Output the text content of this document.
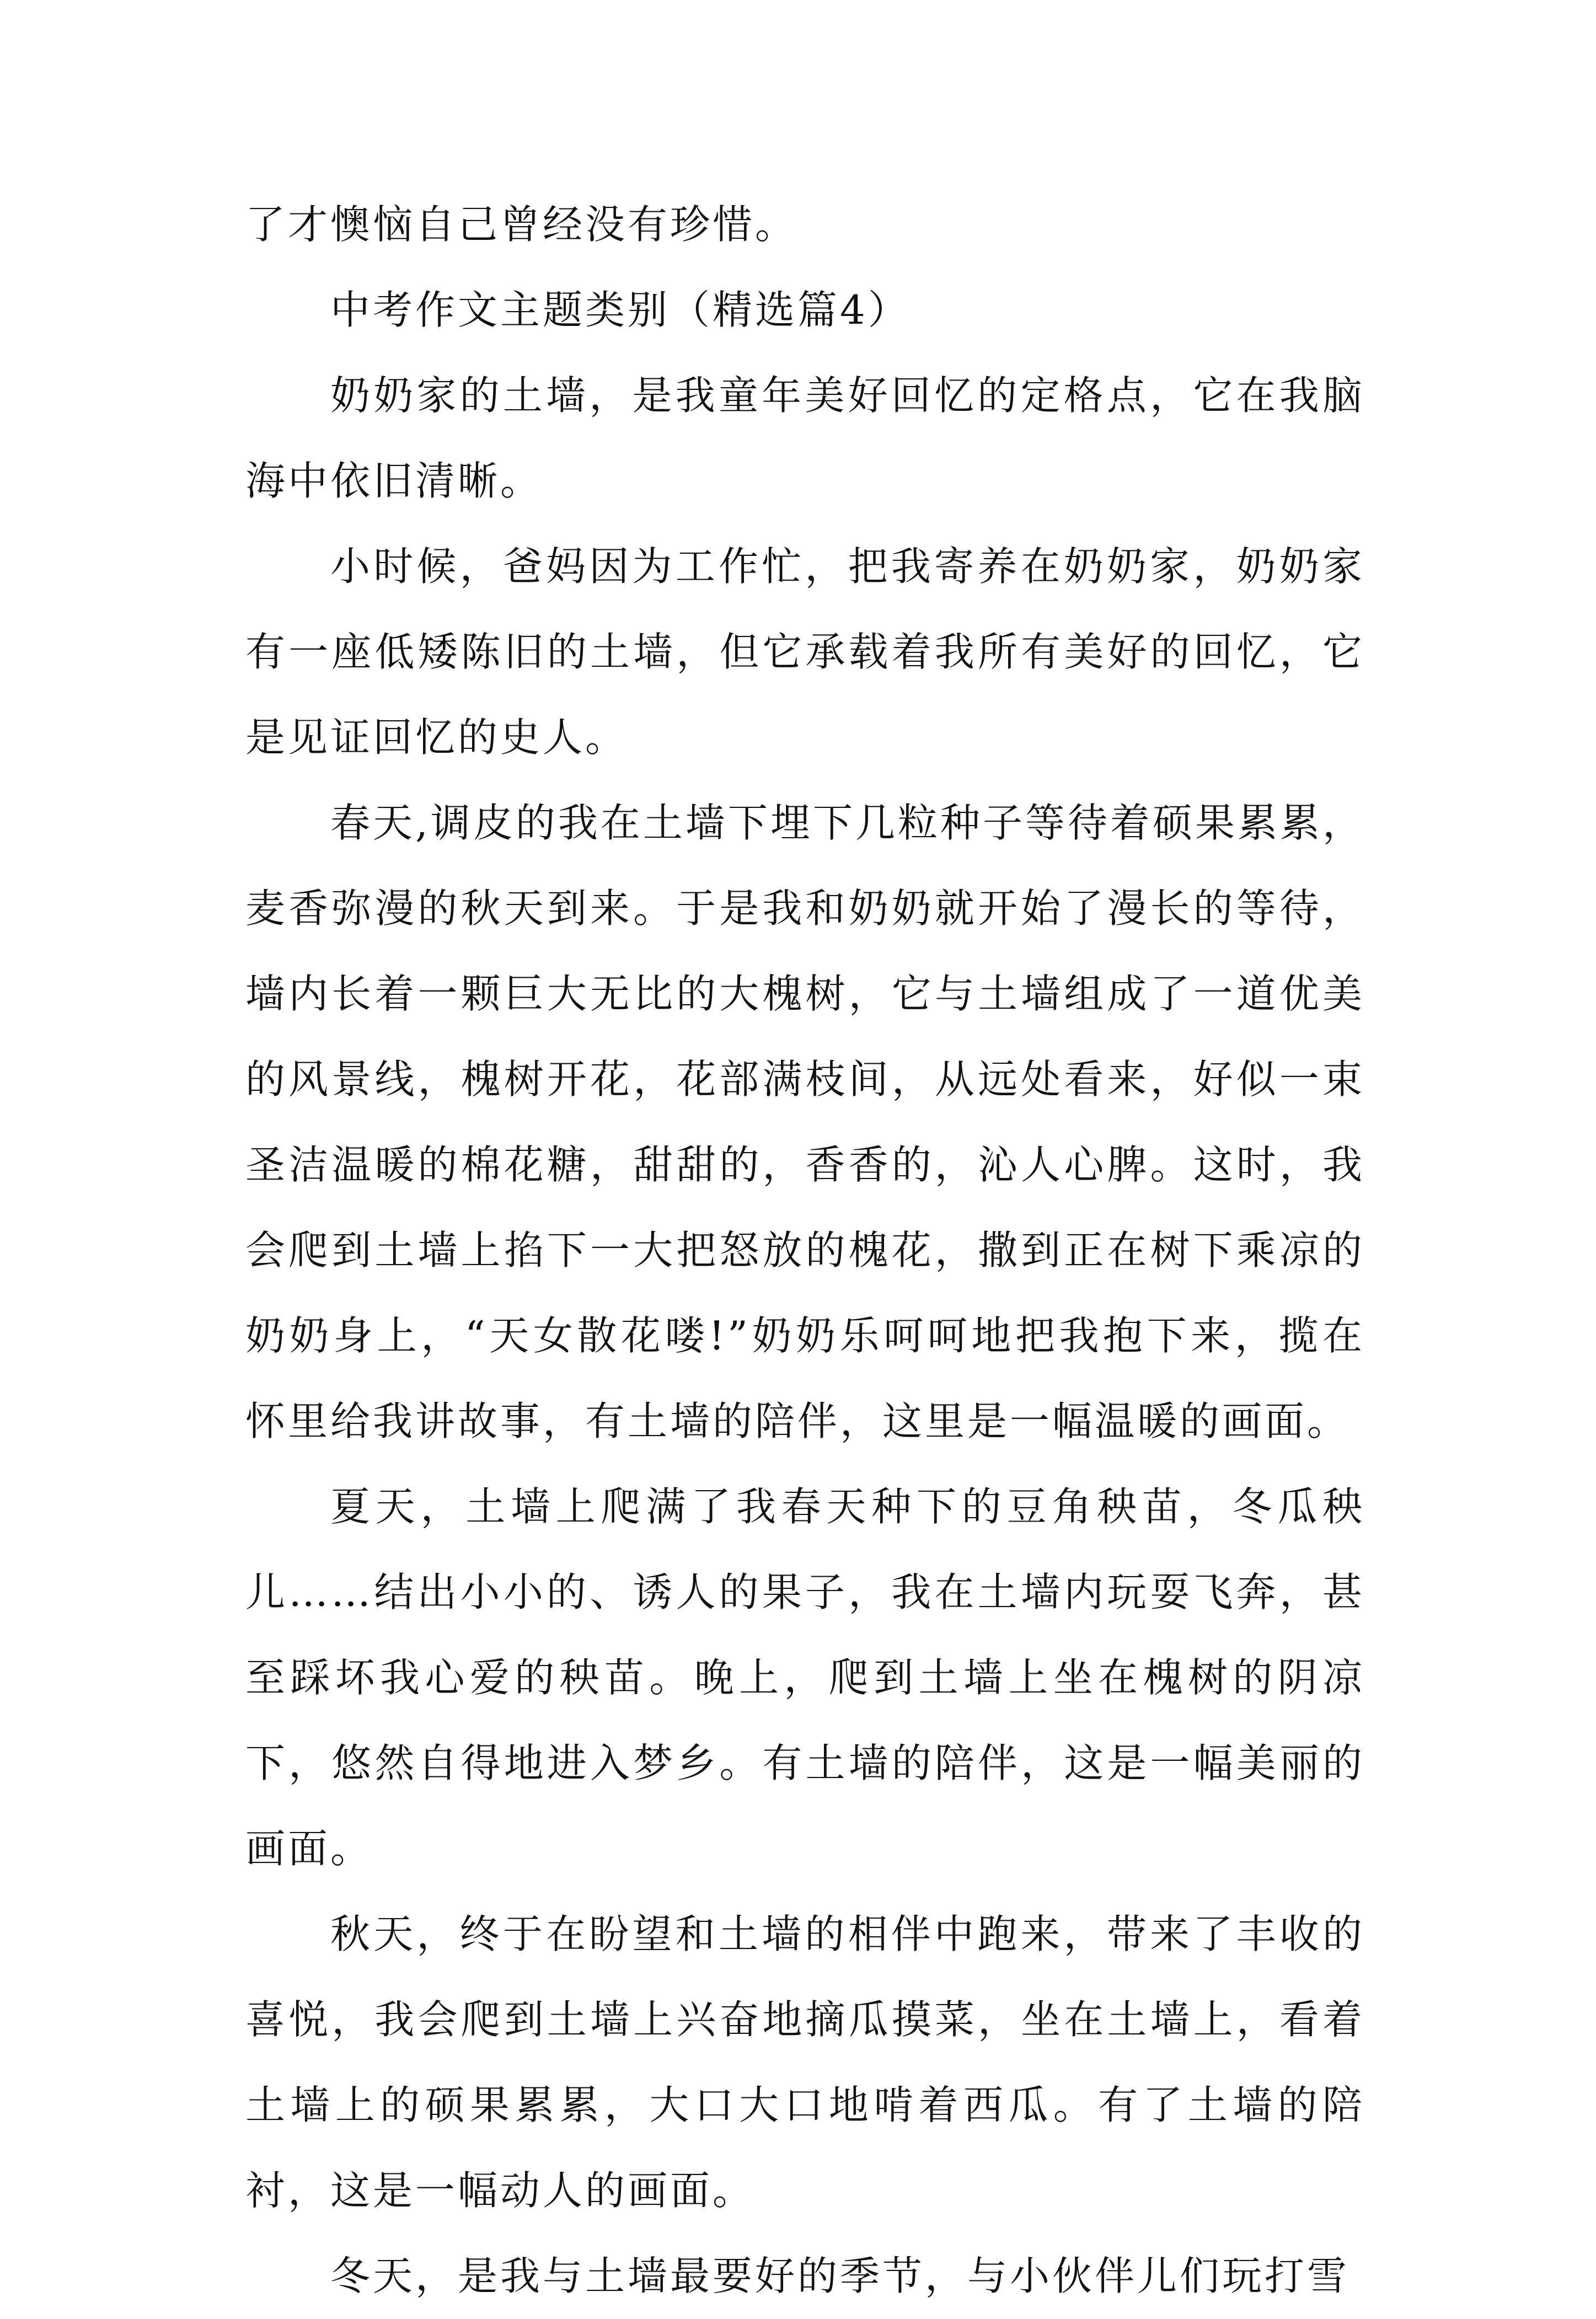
了才懊恼自己曾经没有珍惜。

中考作文主题类别（精选篇4）

奶奶家的土墙，是我童年美好回忆的定格点，它在我脑海中依旧清晰。

小时候，爸妈因为工作忙，把我寄养在奶奶家，奶奶家有一座低矮陈旧的土墙，但它承载着我所有美好的回忆，它是见证回忆的史人。

春天,调皮的我在土墙下埋下几粒种子等待着硕果累累，麦香弥漫的秋天到来。于是我和奶奶就开始了漫长的等待，墙内长着一颗巨大无比的大槐树，它与土墙组成了一道优美的风景线，槐树开花，花部满枝间，从远处看来，好似一束圣洁温暖的棉花糖，甜甜的，香香的，沁人心脾。这时，我会爬到土墙上掐下一大把怒放的槐花，撒到正在树下乘凉的奶奶身上，“天女散花喽!”奶奶乐呵呵地把我抱下来，揽在怀里给我讲故事，有土墙的陪伴，这里是一幅温暖的画面。

夏天，土墙上爬满了我春天种下的豆角秧苗，冬瓜秧儿……结出小小的、诱人的果子，我在土墙内玩耍飞奔，甚至踩坏我心爱的秧苗。晚上，爬到土墙上坐在槐树的阴凉下，悠然自得地进入梦乡。有土墙的陪伴，这是一幅美丽的画面。

秋天，终于在盼望和土墙的相伴中跑来，带来了丰收的喜悦，我会爬到土墙上兴奋地摘瓜摸菜，坐在土墙上，看着土墙上的硕果累累，大口大口地啃着西瓜。有了土墙的陪衬，这是一幅动人的画面。

冬天，是我与土墙最要好的季节，与小伙伴儿们玩打雪
